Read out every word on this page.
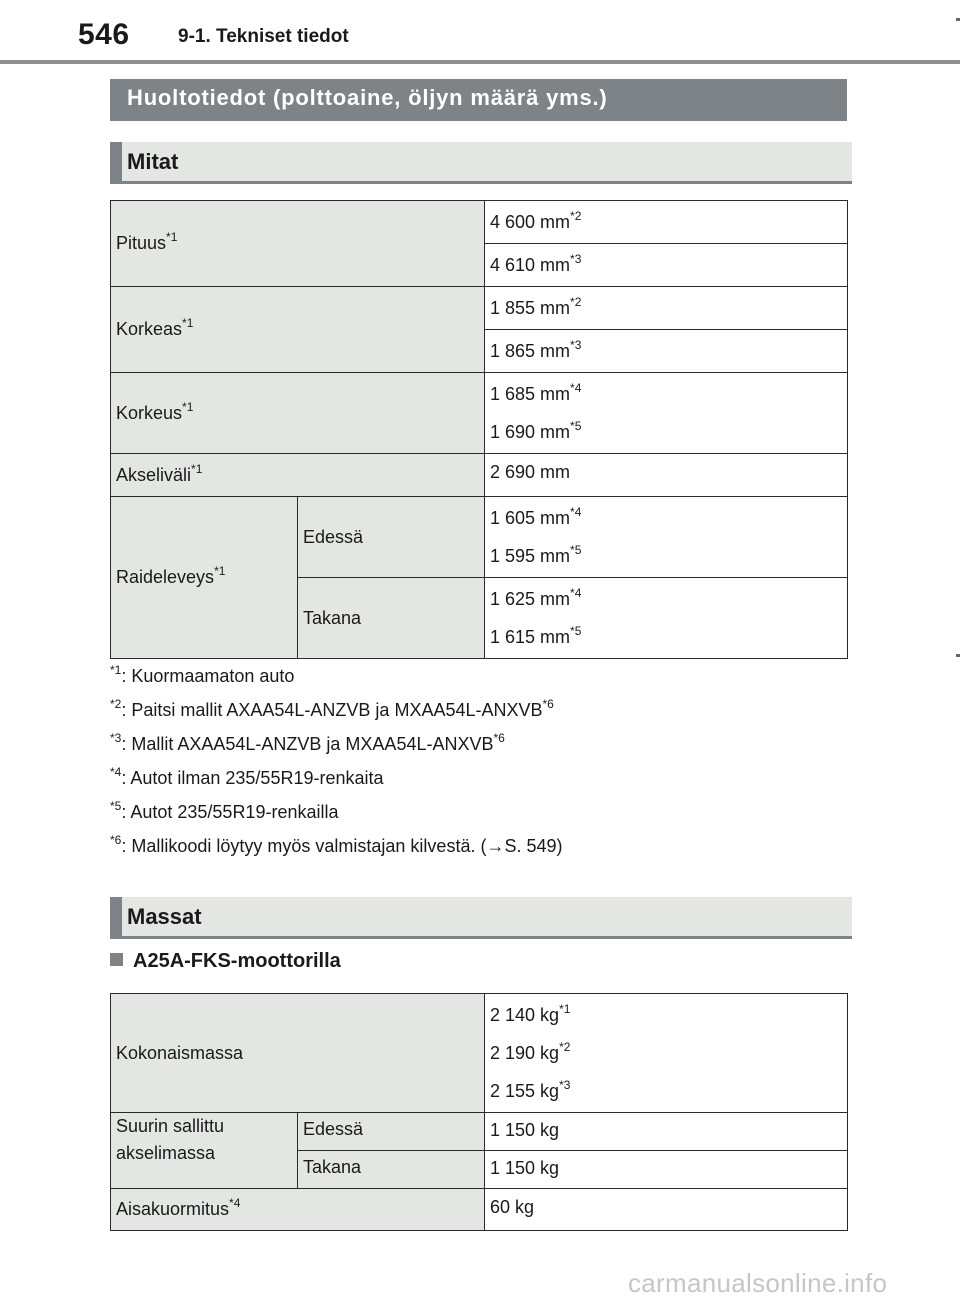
546	9-1. Tekniset tiedot
Huoltotiedot (polttoaine, öljyn määrä yms.)
Mitat
Pituus$^{*1}$		4 600 $mm^{*2}$

		4 610 $mm^{*3}$

Korkeas$^{*1}$		1 855 $mm^{*2}$

		1 865 $mm^{*3}$

Korkeus$^{*1}$		1 685 $mm^{*4}$
1 690 $mm^{*5}$

Akseliväli$^{*1}$		2 690 mm

Raideleveys$^{*1}$	Edessä	1 605 $mm^{*4}$
1 595 $mm^{*5}$

	Takana	1 625 $mm^{*4}$
1 615 $mm^{*5}$
$^{*1}$: Kuormaamaton auto
$^{*2}$: Paitsi mallit AXAA54L-ANZVB ja MXAA54L-ANXVB$^{*6}$
$^{*3}$: Mallit AXAA54L-ANZVB ja MXAA54L-ANXVB$^{*6}$
$^{*4}$: Autot ilman 235/55R19-renkaita
$^{*5}$: Autot 235/55R19-renkailla
$^{*6}$: Mallikoodi löytyy myös valmistajan kilvestä. (→S. 549)
Massat
A25A-FKS-moottorilla
Kokonaismassa		2 140 $kg^{*1}$
2 190 $kg^{*2}$
2 155 $kg^{*3}$

Suurin sallittu akselimassa	Edessä	1 150 kg

	Takana	1 150 kg

Aisakuormitus$^{*4}$		60 kg
carmanualsonline.info
